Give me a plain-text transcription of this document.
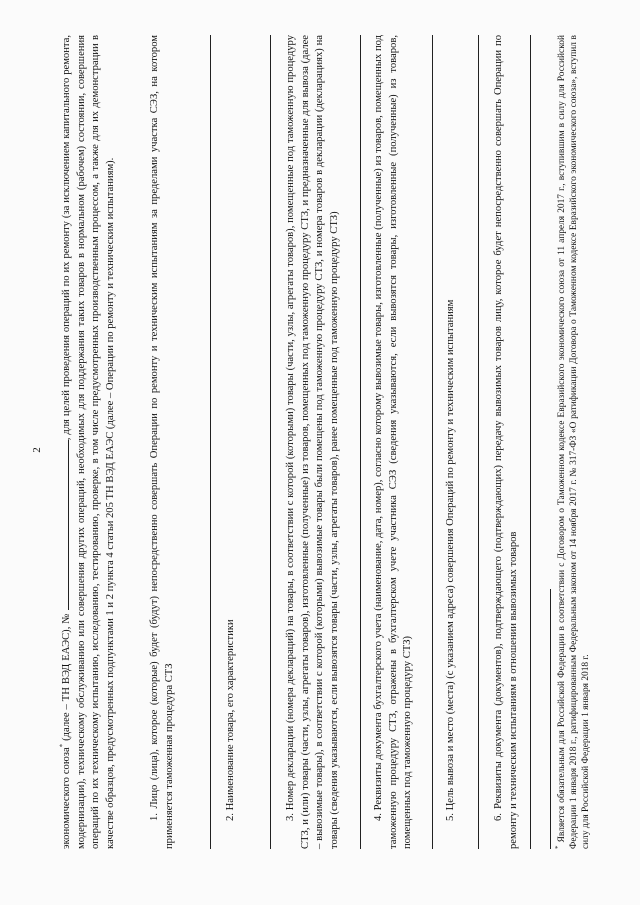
2
экономического союза* (далее – ТН ВЭД ЕАЭС), № , для целей проведения операций по их ремонту (за исключением капитального ремонта, модернизации), техническому обслуживанию или совершения других операций, необходимых для поддержания таких товаров в нормальном (рабочем) состоянии, совершения операций по их техническому испытанию, исследованию, тестированию, проверке, в том числе предусмотренных производственным процессом, а также для их демонстрации в качестве образцов, предусмотренных подпунктами 1 и 2 пункта 4 статьи 205 ТН ВЭД ЕАЭС (далее – Операции по ремонту и техническим испытаниям).	1. Лицо (лица), которое (которые) будет (будут) непосредственно совершать Операции по ремонту и техническим испытаниям за пределами участка СЭЗ, на котором применяется таможенная процедура СТЗ	2. Наименование товара, его характеристики	3. Номер декларации (номера деклараций) на товары, в соответствии с которой (которыми) товары (части, узлы, агрегаты товаров), помещенные под таможенную процедуру СТЗ, и (или) товары (части, узлы, агрегаты товаров), изготовленные (полученные) из товаров, помещенных под таможенную процедуру СТЗ, и предназначенные для вывоза (далее – вывозимые товары), в соответствии с которой (которыми) вывозимые товары были помещены под таможенную процедуру СТЗ, и номера товаров в декларации (декларациях) на товары (сведения указываются, если вывозятся товары (части, узлы, агрегаты товаров), ранее помещенные под таможенную процедуру СТЗ)	4. Реквизиты документа бухгалтерского учета (наименование, дата, номер), согласно которому вывозимые товары, изготовленные (полученные) из товаров, помещенных под таможенную процедуру СТЗ, отражены в бухгалтерском учете участника СЭЗ (сведения указываются, если вывозятся товары, изготовленные (полученные) из товаров, помещенных под таможенную процедуру СТЗ)	5. Цель вывоза и место (места) (с указанием адреса) совершения Операций по ремонту и техническим испытаниям	6. Реквизиты документа (документов), подтверждающего (подтверждающих) передачу вывозимых товаров лицу, которое будет непосредственно совершать Операции по ремонту и техническим испытаниям в отношении вывозимых товаров	* Является обязательным для Российской Федерации в соответствии с Договором о Таможенном кодексе Евразийского экономического союза от 11 апреля 2017 г., вступившим в силу для Российской Федерации 1 января 2018 г., ратифицированным Федеральным законом от 14 ноября 2017 г. № 317-ФЗ «О ратификации Договора о Таможенном кодексе Евразийского экономического союза», вступил в силу для Российской Федерации 1 января 2018 г.
